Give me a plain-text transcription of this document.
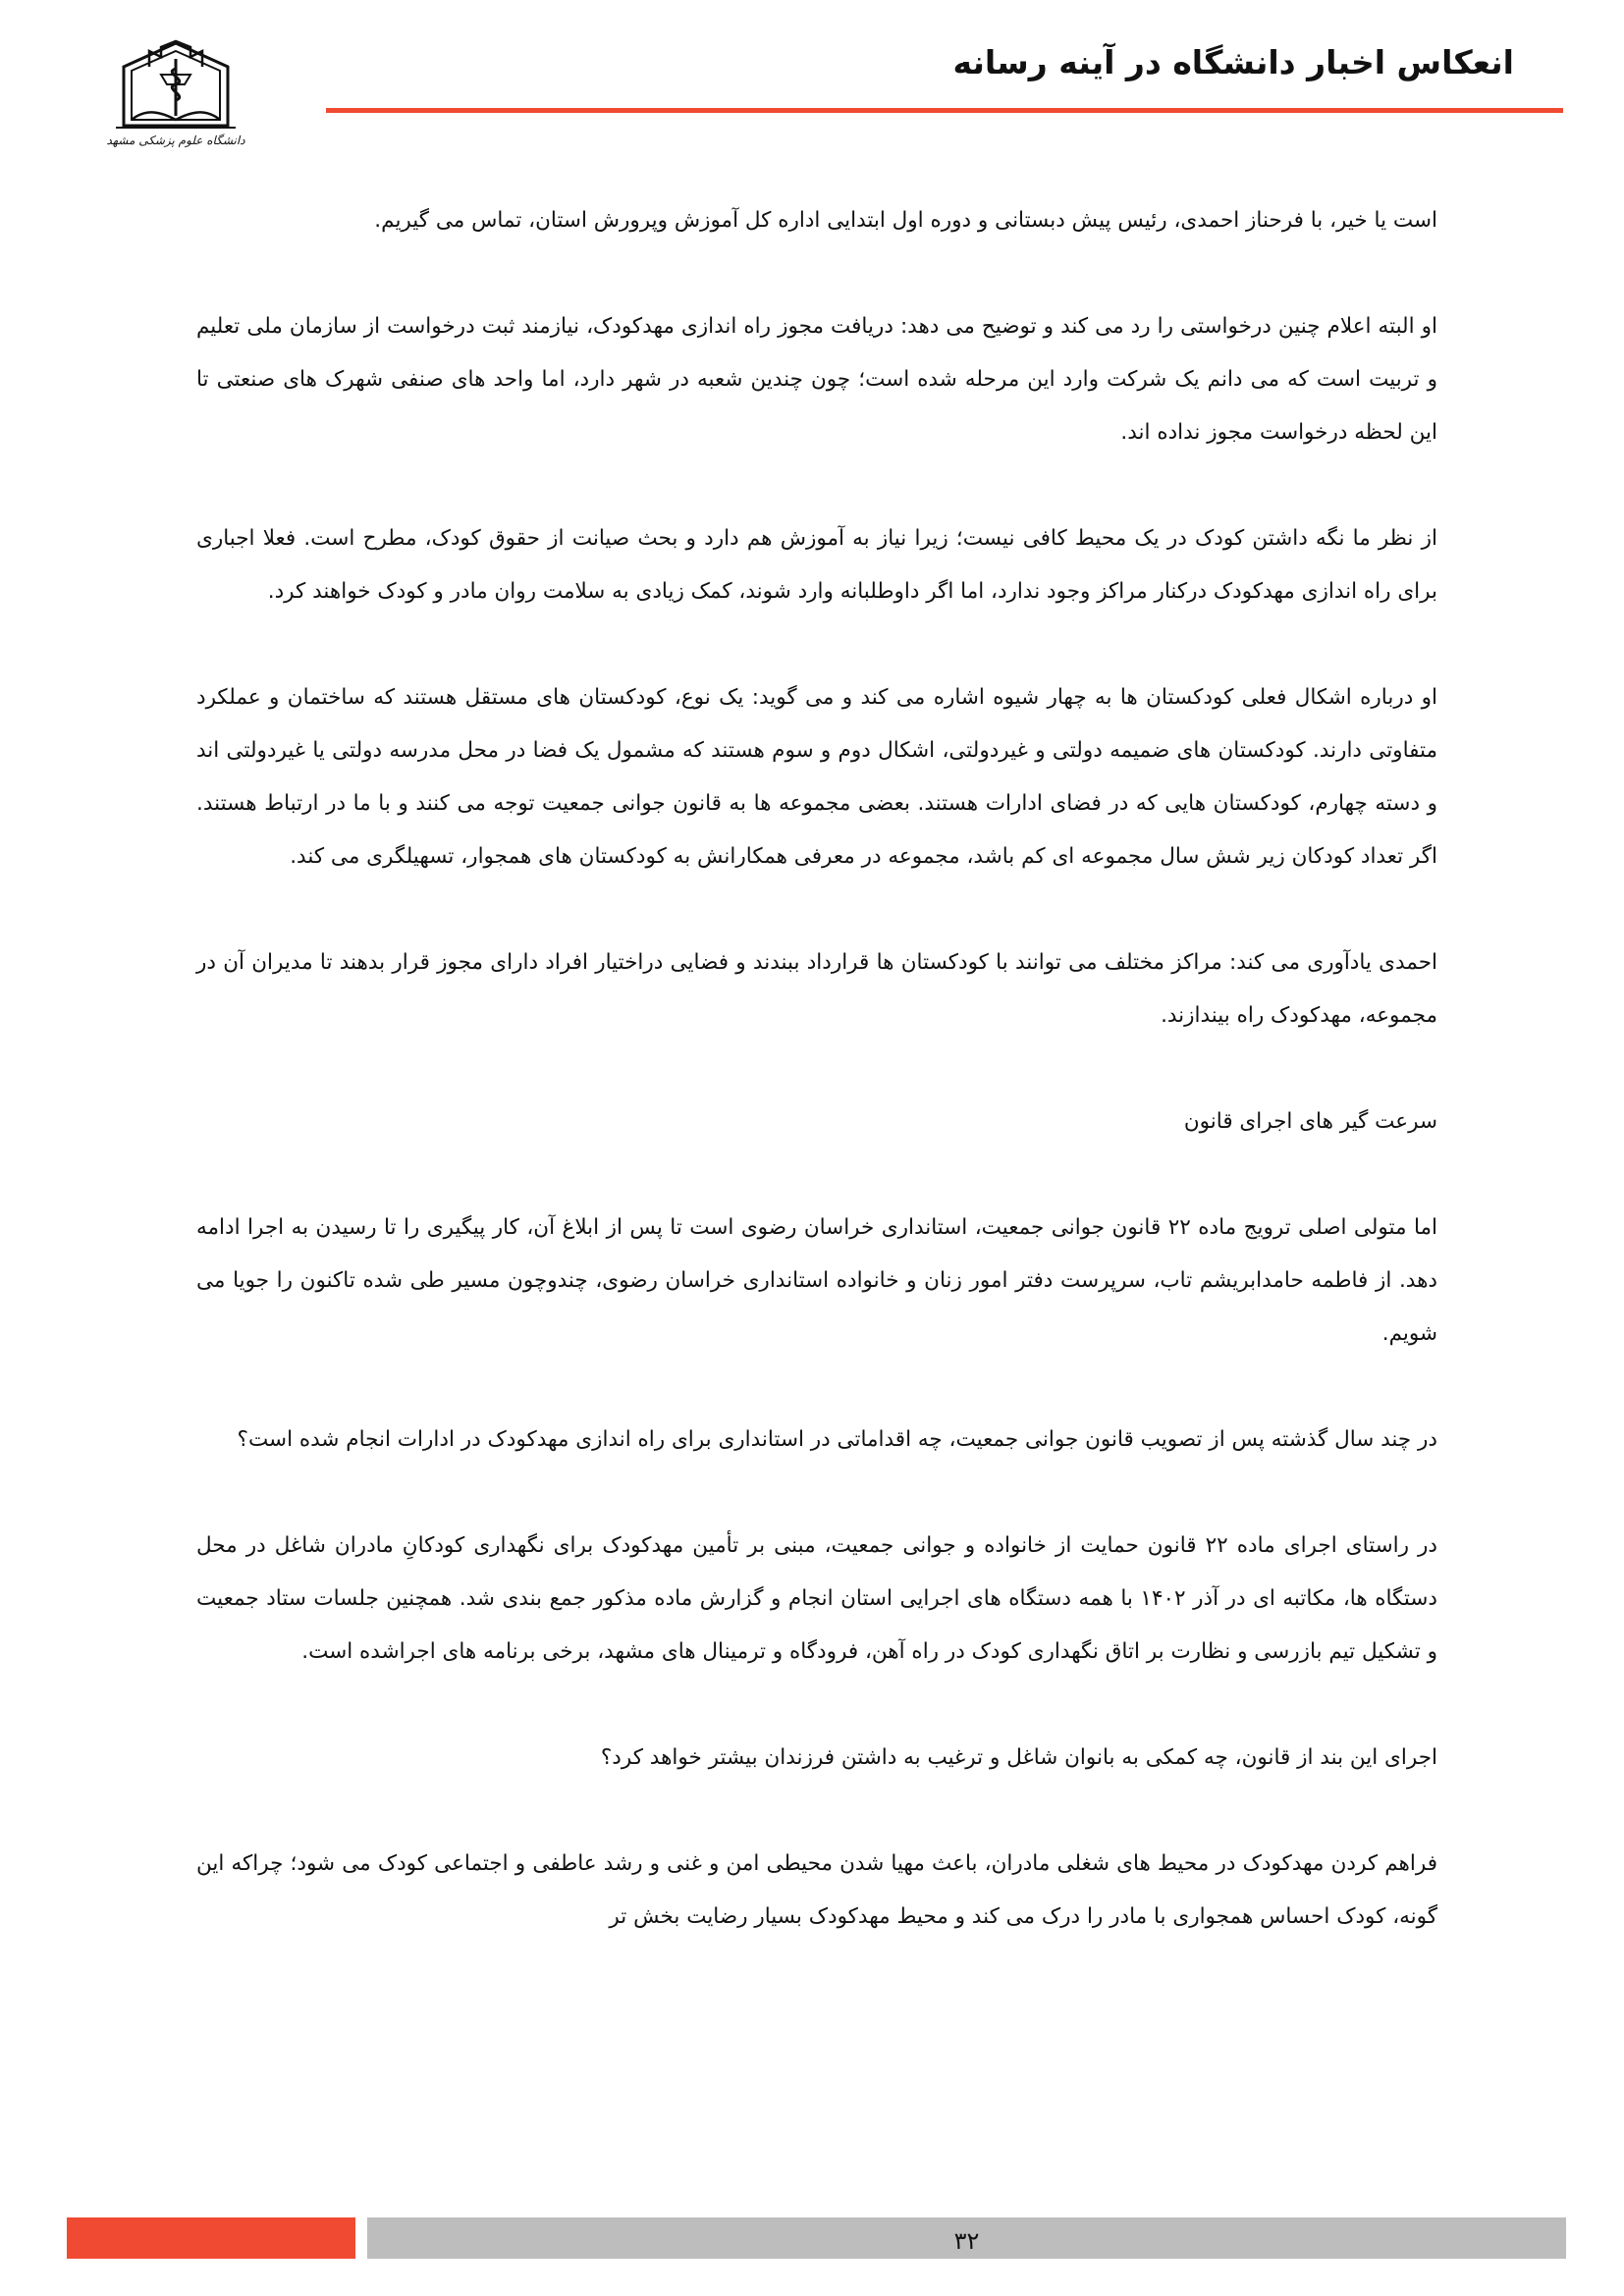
دانشگاه علوم پزشکی مشهد
انعکاس اخبار دانشگاه در آینه رسانه

است یا خیر، با فرحناز احمدی، رئیس پیش دبستانی و دوره اول ابتدایی اداره کل آموزش وپرورش استان، تماس می گیریم.

او البته اعلام چنین درخواستی را رد می کند و توضیح می دهد: دریافت مجوز راه اندازی مهدکودک، نیازمند ثبت درخواست از سازمان ملی تعلیم و تربیت است که می دانم یک شرکت وارد این مرحله شده است؛ چون چندین شعبه در شهر دارد، اما واحد های صنفی شهرک های صنعتی تا این لحظه درخواست مجوز نداده اند.

از نظر ما نگه داشتن کودک در یک محیط کافی نیست؛ زیرا نیاز به آموزش هم دارد و بحث صیانت از حقوق کودک، مطرح است. فعلا اجباری برای راه اندازی مهدکودک درکنار مراکز وجود ندارد، اما اگر داوطلبانه وارد شوند، کمک زیادی به سلامت روان مادر و کودک خواهند کرد.

او درباره اشکال فعلی کودکستان ها به چهار شیوه اشاره می کند و می گوید: یک نوع، کودکستان های مستقل هستند که ساختمان و عملکرد متفاوتی دارند. کودکستان های ضمیمه دولتی و غیردولتی، اشکال دوم و سوم هستند که مشمول یک فضا در محل مدرسه دولتی یا غیردولتی اند و دسته چهارم، کودکستان هایی که در فضای ادارات هستند. بعضی مجموعه ها به قانون جوانی جمعیت توجه می کنند و با ما در ارتباط هستند. اگر تعداد کودکان زیر شش سال مجموعه ای کم باشد، مجموعه در معرفی همکارانش به کودکستان های همجوار، تسهیلگری می کند.

احمدی یادآوری می کند: مراکز مختلف می توانند با کودکستان ها قرارداد ببندند و فضایی دراختیار افراد دارای مجوز قرار بدهند تا مدیران آن در مجموعه، مهدکودک راه بیندازند.

سرعت گیر های اجرای قانون

اما متولی اصلی ترویج ماده ۲۲ قانون جوانی جمعیت، استانداری خراسان رضوی است تا پس از ابلاغ آن، کار پیگیری را تا رسیدن به اجرا ادامه دهد. از فاطمه حامدابریشم تاب، سرپرست دفتر امور زنان و خانواده استانداری خراسان رضوی، چندوچون مسیر طی شده تاکنون را جویا می شویم.

در چند سال گذشته پس از تصویب قانون جوانی جمعیت، چه اقداماتی در استانداری برای راه اندازی مهدکودک در ادارات انجام شده است؟

در راستای اجرای ماده ۲۲ قانون حمایت از خانواده و جوانی جمعیت، مبنی بر تأمین مهدکودک برای نگهداری کودکانِ مادران شاغل در محل دستگاه ها، مکاتبه ای در آذر ۱۴۰۲ با همه دستگاه های اجرایی استان انجام و گزارش ماده مذکور جمع بندی شد. همچنین جلسات ستاد جمعیت و تشکیل تیم بازرسی و نظارت بر اتاق نگهداری کودک در راه آهن، فرودگاه و ترمینال های مشهد، برخی برنامه های اجراشده است.

اجرای این بند از قانون، چه کمکی به بانوان شاغل و ترغیب به داشتن فرزندان بیشتر خواهد کرد؟

فراهم کردن مهدکودک در محیط های شغلی مادران، باعث مهیا شدن محیطی امن و غنی و رشد عاطفی و اجتماعی کودک می شود؛ چراکه این گونه، کودک احساس همجواری با مادر را درک می کند و محیط مهدکودک بسیار رضایت بخش تر

۳۲
